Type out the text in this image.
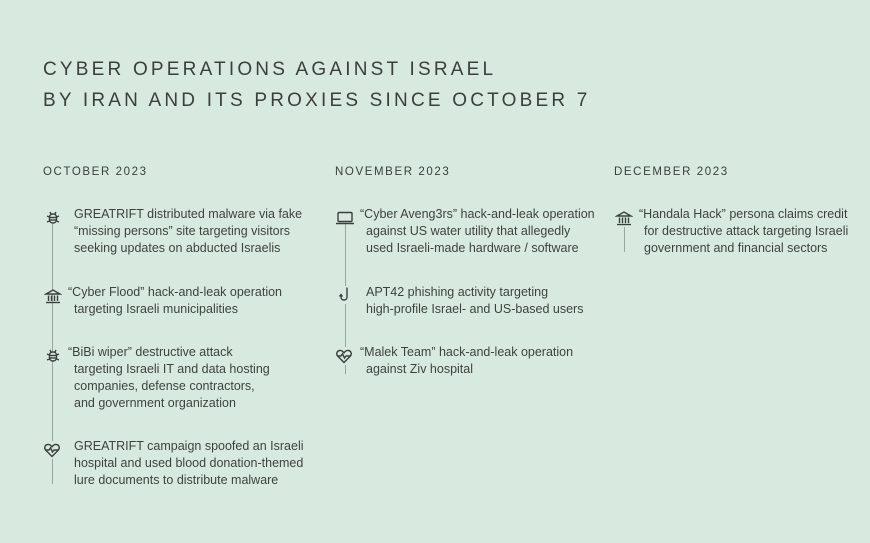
CYBER OPERATIONS AGAINST ISRAEL
BY IRAN AND ITS PROXIES SINCE OCTOBER 7
OCTOBER 2023
GREATRIFT distributed malware via fake
“missing persons” site targeting visitors
seeking updates on abducted Israelis
“Cyber Flood” hack-and-leak operation
targeting Israeli municipalities
“BiBi wiper” destructive attack
targeting Israeli IT and data hosting
companies, defense contractors,
and government organization
GREATRIFT campaign spoofed an Israeli
hospital and used blood donation-themed
lure documents to distribute malware
NOVEMBER 2023
“Cyber Aveng3rs” hack-and-leak operation
against US water utility that allegedly
used Israeli-made hardware / software
APT42 phishing activity targeting
high-profile Israel- and US-based users
“Malek Team” hack-and-leak operation
against Ziv hospital
DECEMBER 2023
“Handala Hack” persona claims credit
for destructive attack targeting Israeli
government and financial sectors
